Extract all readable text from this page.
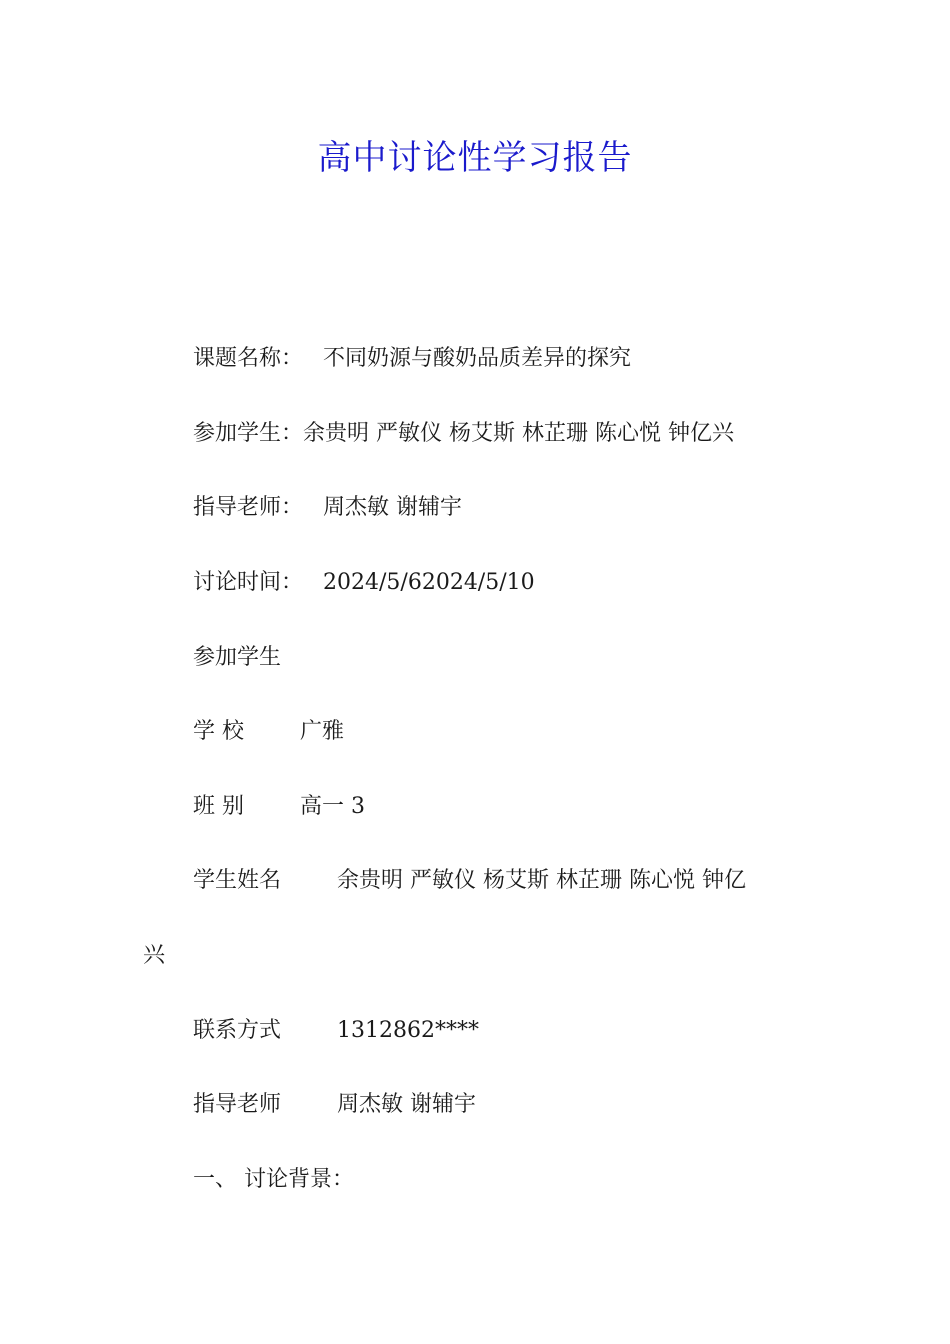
高中讨论性学习报告
课题名称： 不同奶源与酸奶品质差异的探究
参加学生：余贵明 严敏仪 杨艾斯 林芷珊 陈心悦 钟亿兴
指导老师： 周杰敏 谢辅宇
讨论时间： 2024/5/62024/5/10
参加学生
学 校	广雅
班 别	高一 3
学生姓名	余贵明 严敏仪 杨艾斯 林芷珊 陈心悦 钟亿
兴
联系方式	1312862****
指导老师	周杰敏 谢辅宇
一、 讨论背景：
